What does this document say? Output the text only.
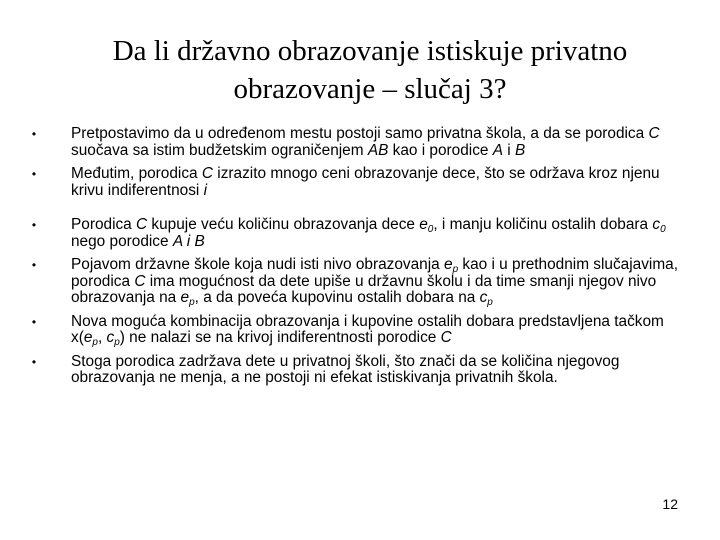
Da li državno obrazovanje istiskuje privatno
obrazovanje – slučaj 3?
•	Pretpostavimo da u određenom mestu postoji samo privatna škola, a da se porodica C suočava sa istim budžetskim ograničenjem AB kao i porodice A i B
•	Međutim, porodica C izrazito mnogo ceni obrazovanje dece, što se održava kroz njenu krivu indiferentnosi i
•	Porodica C kupuje veću količinu obrazovanja dece $e_0$, i manju količinu ostalih dobara $c_0$ nego porodice A i B
•	Pojavom državne škole koja nudi isti nivo obrazovanja $e_p$ kao i u prethodnim slučajavima, porodica C ima mogućnost da dete upiše u državnu školu i da time smanji njegov nivo obrazovanja na $e_p$, a da poveća kupovinu ostalih dobara na $c_p$
•	Nova moguća kombinacija obrazovanja i kupovine ostalih dobara predstavljena tačkom $x(e_p$, $c_p$) ne nalazi se na krivoj indiferentnosti porodice C
•	Stoga porodica zadržava dete u privatnoj školi, što znači da se količina njegovog obrazovanja ne menja, a ne postoji ni efekat istiskivanja privatnih škola.
12
